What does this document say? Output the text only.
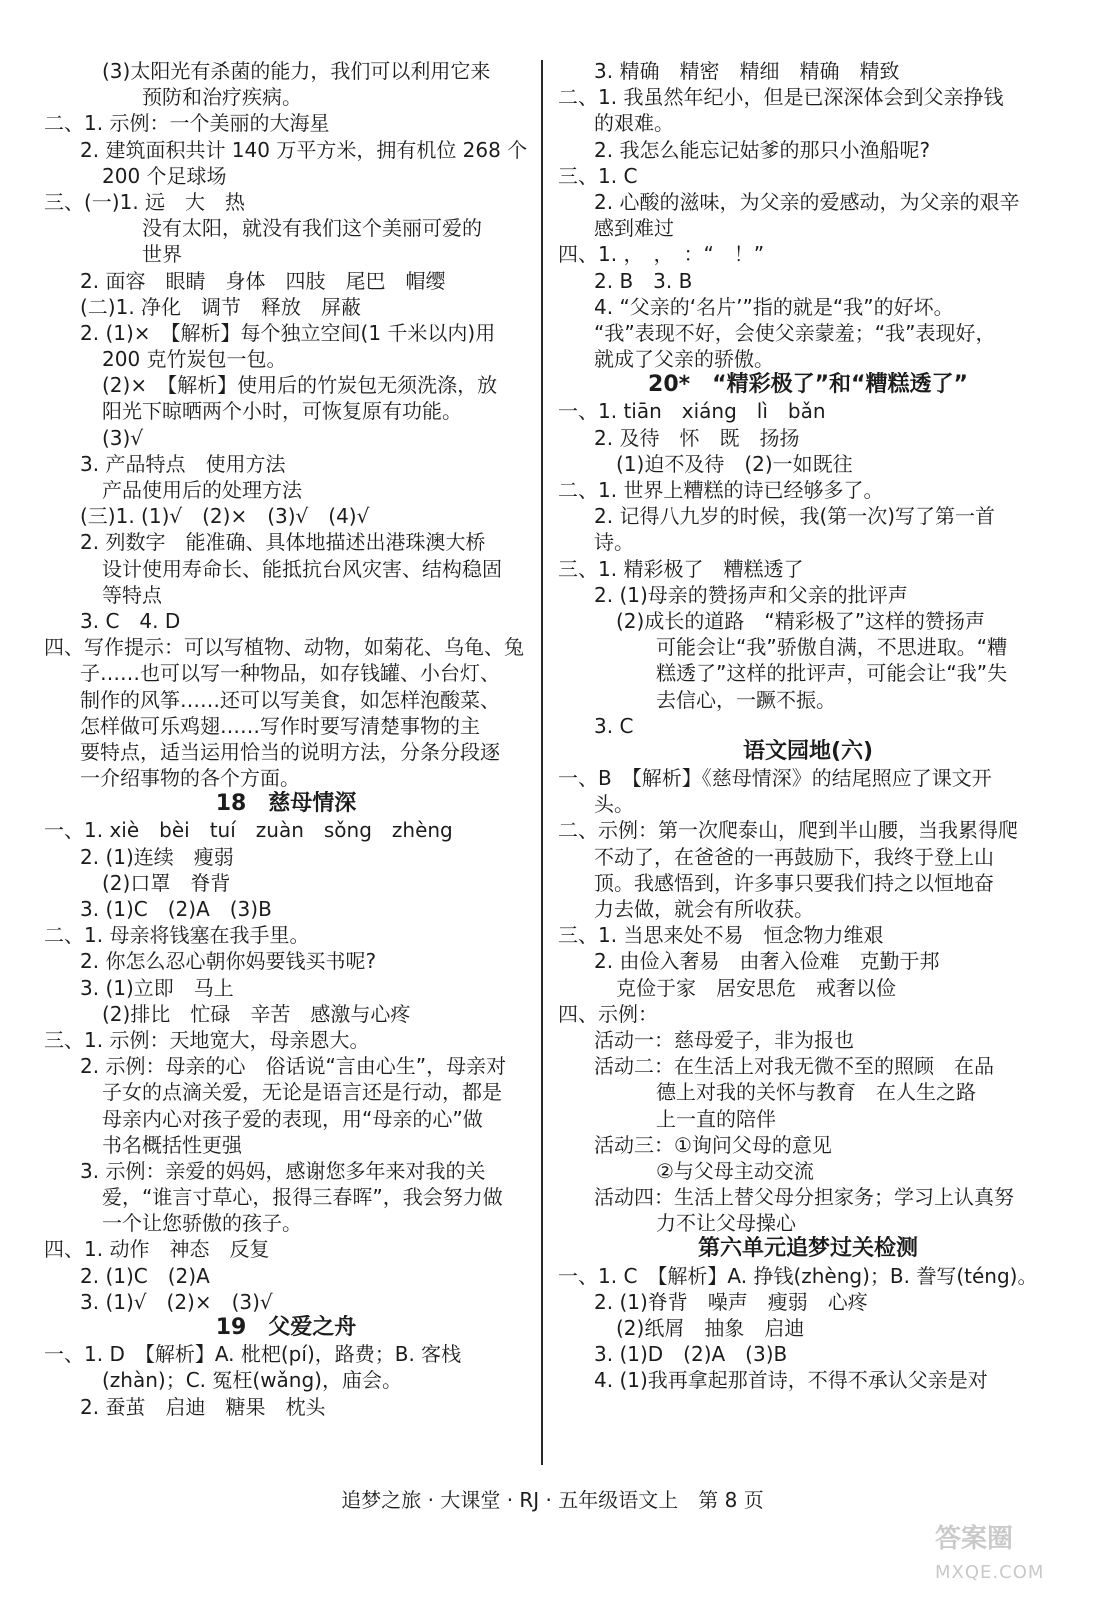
(3)太阳光有杀菌的能力，我们可以利用它来
预防和治疗疾病。
二、1. 示例：一个美丽的大海星
2. 建筑面积共计 140 万平方米，拥有机位 268 个
200 个足球场
三、(一)1. 远　大　热
没有太阳，就没有我们这个美丽可爱的
世界
2. 面容　眼睛　身体　四肢　尾巴　帽缨
(二)1. 净化　调节　释放　屏蔽
2. (1)×　【解析】每个独立空间(1 千米以内)用
200 克竹炭包一包。
(2)×　【解析】使用后的竹炭包无须洗涤，放
阳光下晾晒两个小时，可恢复原有功能。
(3)√
3. 产品特点　使用方法
产品使用后的处理方法
(三)1. (1)√　(2)×　(3)√　(4)√
2. 列数字　能准确、具体地描述出港珠澳大桥
设计使用寿命长、能抵抗台风灾害、结构稳固
等特点
3. C　4. D
四、写作提示：可以写植物、动物，如菊花、乌龟、兔
子……也可以写一种物品，如存钱罐、小台灯、
制作的风筝……还可以写美食，如怎样泡酸菜、
怎样做可乐鸡翅……写作时要写清楚事物的主
要特点，适当运用恰当的说明方法，分条分段逐
一介绍事物的各个方面。
18　慈母情深
一、1. xiè　bèi　tuí　zuàn　sǒng　zhèng
2. (1)连续　瘦弱
(2)口罩　脊背
3. (1)C　(2)A　(3)B
二、1. 母亲将钱塞在我手里。
2. 你怎么忍心朝你妈要钱买书呢?
3. (1)立即　马上
(2)排比　忙碌　辛苦　感激与心疼
三、1. 示例：天地宽大，母亲恩大。
2. 示例：母亲的心　俗话说“言由心生”，母亲对
子女的点滴关爱，无论是语言还是行动，都是
母亲内心对孩子爱的表现，用“母亲的心”做
书名概括性更强
3. 示例：亲爱的妈妈，感谢您多年来对我的关
爱，“谁言寸草心，报得三春晖”，我会努力做
一个让您骄傲的孩子。
四、1. 动作　神态　反复
2. (1)C　(2)A
3. (1)√　(2)×　(3)√
19　父爱之舟
一、1. D　【解析】A. 枇杷(pí)，路费；B. 客栈
(zhàn)；C. 冤枉(wǎng)，庙会。
2. 蚕茧　启迪　糖果　枕头
3. 精确　精密　精细　精确　精致
二、1. 我虽然年纪小，但是已深深体会到父亲挣钱
的艰难。
2. 我怎么能忘记姑爹的那只小渔船呢?
三、1. C
2. 心酸的滋味，为父亲的爱感动，为父亲的艰辛
感到难过
四、1. ，　，　：“　！”
2. B　3. B
4. “父亲的‘名片’”指的就是“我”的好坏。
“我”表现不好，会使父亲蒙羞；“我”表现好，
就成了父亲的骄傲。
20*　“精彩极了”和“糟糕透了”
一、1. tiān　xiáng　lì　bǎn
2. 及待　怀　既　扬扬
(1)迫不及待　(2)一如既往
二、1. 世界上糟糕的诗已经够多了。
2. 记得八九岁的时候，我(第一次)写了第一首
诗。
三、1. 精彩极了　糟糕透了
2. (1)母亲的赞扬声和父亲的批评声
(2)成长的道路　“精彩极了”这样的赞扬声
可能会让“我”骄傲自满，不思进取。“糟
糕透了”这样的批评声，可能会让“我”失
去信心，一蹶不振。
3. C
语文园地(六)
一、B　【解析】《慈母情深》的结尾照应了课文开
头。
二、示例：第一次爬泰山，爬到半山腰，当我累得爬
不动了，在爸爸的一再鼓励下，我终于登上山
顶。我感悟到，许多事只要我们持之以恒地奋
力去做，就会有所收获。
三、1. 当思来处不易　恒念物力维艰
2. 由俭入奢易　由奢入俭难　克勤于邦
克俭于家　居安思危　戒奢以俭
四、示例：
活动一：慈母爱子，非为报也
活动二：在生活上对我无微不至的照顾　在品
德上对我的关怀与教育　在人生之路
上一直的陪伴
活动三：①询问父母的意见
②与父母主动交流
活动四：生活上替父母分担家务；学习上认真努
力不让父母操心
第六单元追梦过关检测
一、1. C　【解析】A. 挣钱(zhèng)；B. 誊写(téng)。
2. (1)脊背　噪声　瘦弱　心疼
(2)纸屑　抽象　启迪
3. (1)D　(2)A　(3)B
4. (1)我再拿起那首诗，不得不承认父亲是对
追梦之旅 · 大课堂 · RJ · 五年级语文上　第 8 页
答案圈
MXQE.COM
